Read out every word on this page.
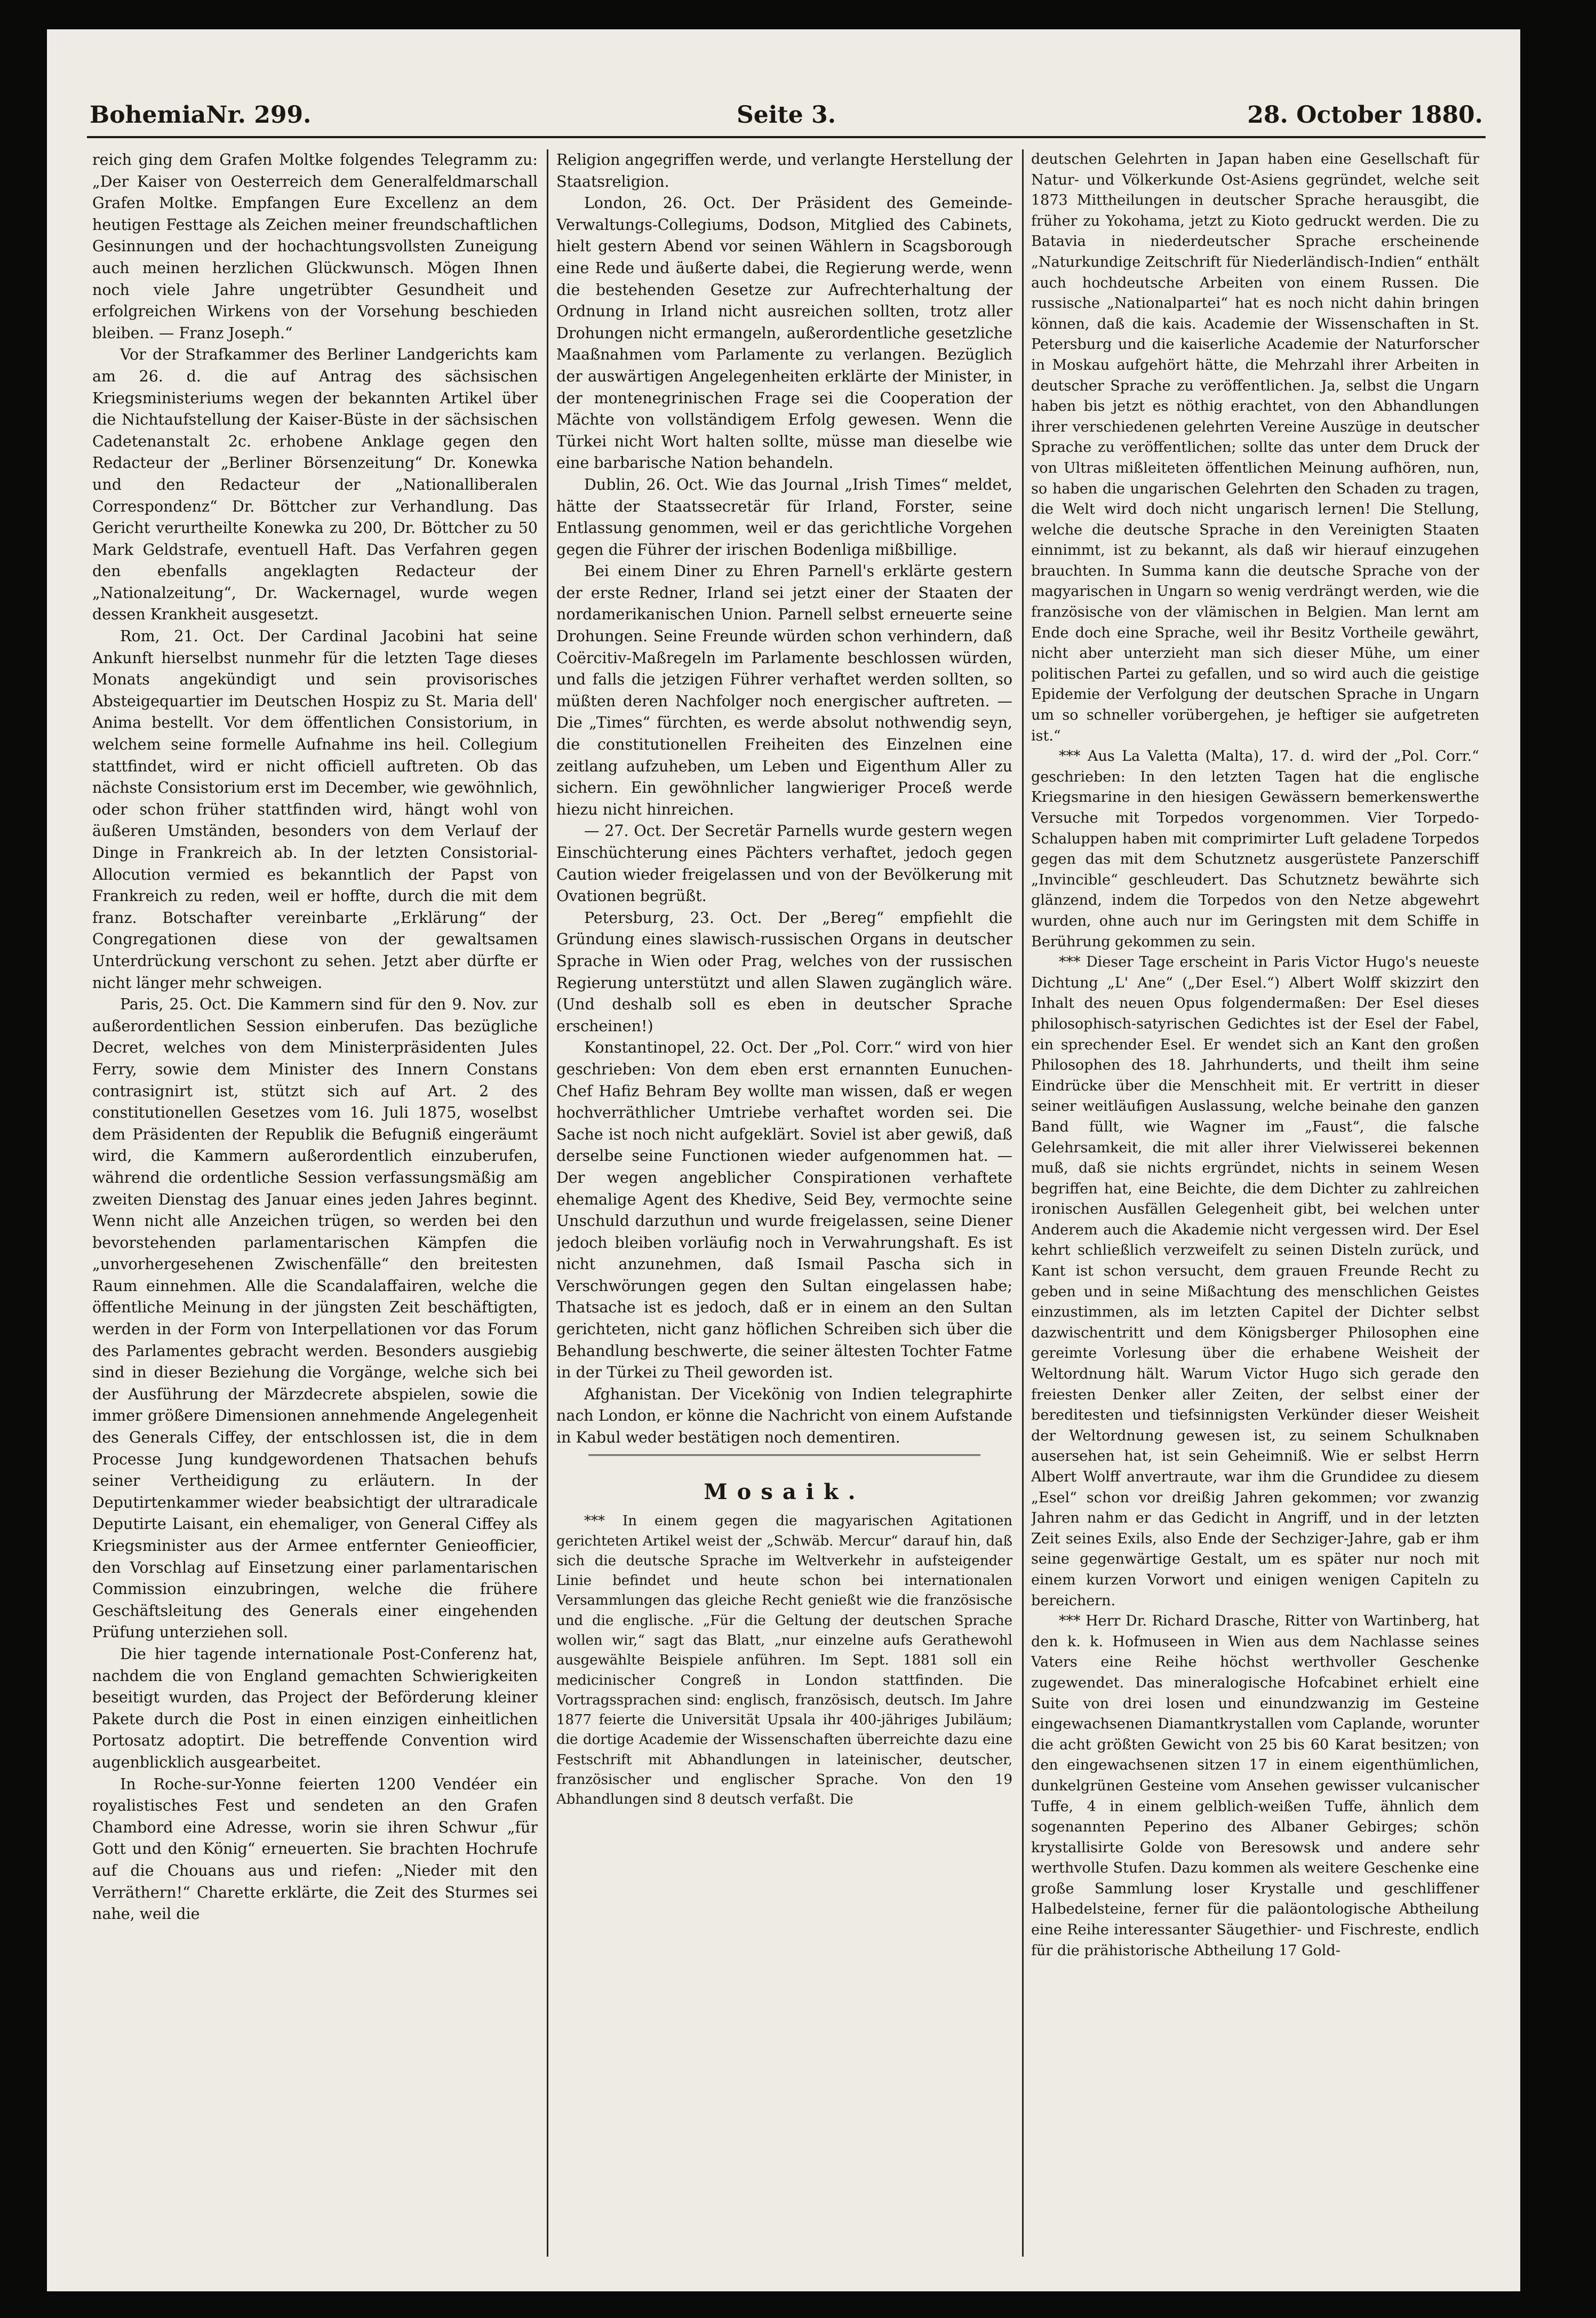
BohemiaNr. 299.	Seite 3.	28. October 1880.

reich ging dem Grafen Moltke folgendes Telegramm zu: „Der Kaiser von Oesterreich dem Generalfeldmarschall Grafen Moltke. Empfangen Eure Excellenz an dem heutigen Festtage als Zeichen meiner freundschaftlichen Gesinnungen und der hochachtungsvollsten Zuneigung auch meinen herzlichen Glückwunsch. Mögen Ihnen noch viele Jahre ungetrübter Gesundheit und erfolgreichen Wirkens von der Vorsehung beschieden bleiben. — Franz Joseph.“

Vor der Strafkammer des Berliner Landgerichts kam am 26. d. die auf Antrag des sächsischen Kriegsministeriums wegen der bekannten Artikel über die Nichtaufstellung der Kaiser-Büste in der sächsischen Cadetenanstalt 2c. erhobene Anklage gegen den Redacteur der „Berliner Börsenzeitung“ Dr. Konewka und den Redacteur der „Nationalliberalen Correspondenz“ Dr. Böttcher zur Verhandlung. Das Gericht verurtheilte Konewka zu 200, Dr. Böttcher zu 50 Mark Geldstrafe, eventuell Haft. Das Verfahren gegen den ebenfalls angeklagten Redacteur der „Nationalzeitung“, Dr. Wackernagel, wurde wegen dessen Krankheit ausgesetzt.

Rom, 21. Oct. Der Cardinal Jacobini hat seine Ankunft hierselbst nunmehr für die letzten Tage dieses Monats angekündigt und sein provisorisches Absteigequartier im Deutschen Hospiz zu St. Maria dell' Anima bestellt. Vor dem öffentlichen Consistorium, in welchem seine formelle Aufnahme ins heil. Collegium stattfindet, wird er nicht officiell auftreten. Ob das nächste Consistorium erst im December, wie gewöhnlich, oder schon früher stattfinden wird, hängt wohl von äußeren Umständen, besonders von dem Verlauf der Dinge in Frankreich ab. In der letzten Consistorial-Allocution vermied es bekanntlich der Papst von Frankreich zu reden, weil er hoffte, durch die mit dem franz. Botschafter vereinbarte „Erklärung“ der Congregationen diese von der gewaltsamen Unterdrückung verschont zu sehen. Jetzt aber dürfte er nicht länger mehr schweigen.

Paris, 25. Oct. Die Kammern sind für den 9. Nov. zur außerordentlichen Session einberufen. Das bezügliche Decret, welches von dem Ministerpräsidenten Jules Ferry, sowie dem Minister des Innern Constans contrasignirt ist, stützt sich auf Art. 2 des constitutionellen Gesetzes vom 16. Juli 1875, woselbst dem Präsidenten der Republik die Befugniß eingeräumt wird, die Kammern außerordentlich einzuberufen, während die ordentliche Session verfassungsmäßig am zweiten Dienstag des Januar eines jeden Jahres beginnt. Wenn nicht alle Anzeichen trügen, so werden bei den bevorstehenden parlamentarischen Kämpfen die „unvorhergesehenen Zwischenfälle“ den breitesten Raum einnehmen. Alle die Scandalaffairen, welche die öffentliche Meinung in der jüngsten Zeit beschäftigten, werden in der Form von Interpellationen vor das Forum des Parlamentes gebracht werden. Besonders ausgiebig sind in dieser Beziehung die Vorgänge, welche sich bei der Ausführung der Märzdecrete abspielen, sowie die immer größere Dimensionen annehmende Angelegenheit des Generals Ciffey, der entschlossen ist, die in dem Processe Jung kundgewordenen Thatsachen behufs seiner Vertheidigung zu erläutern. In der Deputirtenkammer wieder beabsichtigt der ultraradicale Deputirte Laisant, ein ehemaliger, von General Ciffey als Kriegsminister aus der Armee entfernter Genieofficier, den Vorschlag auf Einsetzung einer parlamentarischen Commission einzubringen, welche die frühere Geschäftsleitung des Generals einer eingehenden Prüfung unterziehen soll.

Die hier tagende internationale Post-Conferenz hat, nachdem die von England gemachten Schwierigkeiten beseitigt wurden, das Project der Beförderung kleiner Pakete durch die Post in einen einzigen einheitlichen Portosatz adoptirt. Die betreffende Convention wird augenblicklich ausgearbeitet.

In Roche-sur-Yonne feierten 1200 Vendéer ein royalistisches Fest und sendeten an den Grafen Chambord eine Adresse, worin sie ihren Schwur „für Gott und den König“ erneuerten. Sie brachten Hochrufe auf die Chouans aus und riefen: „Nieder mit den Verräthern!“ Charette erklärte, die Zeit des Sturmes sei nahe, weil die

Religion angegriffen werde, und verlangte Herstellung der Staatsreligion.

London, 26. Oct. Der Präsident des Gemeinde-Verwaltungs-Collegiums, Dodson, Mitglied des Cabinets, hielt gestern Abend vor seinen Wählern in Scagsborough eine Rede und äußerte dabei, die Regierung werde, wenn die bestehenden Gesetze zur Aufrechterhaltung der Ordnung in Irland nicht ausreichen sollten, trotz aller Drohungen nicht ermangeln, außerordentliche gesetzliche Maaßnahmen vom Parlamente zu verlangen. Bezüglich der auswärtigen Angelegenheiten erklärte der Minister, in der montenegrinischen Frage sei die Cooperation der Mächte von vollständigem Erfolg gewesen. Wenn die Türkei nicht Wort halten sollte, müsse man dieselbe wie eine barbarische Nation behandeln.

Dublin, 26. Oct. Wie das Journal „Irish Times“ meldet, hätte der Staatssecretär für Irland, Forster, seine Entlassung genommen, weil er das gerichtliche Vorgehen gegen die Führer der irischen Bodenliga mißbillige.

Bei einem Diner zu Ehren Parnell's erklärte gestern der erste Redner, Irland sei jetzt einer der Staaten der nordamerikanischen Union. Parnell selbst erneuerte seine Drohungen. Seine Freunde würden schon verhindern, daß Coërcitiv-Maßregeln im Parlamente beschlossen würden, und falls die jetzigen Führer verhaftet werden sollten, so müßten deren Nachfolger noch energischer auftreten. — Die „Times“ fürchten, es werde absolut nothwendig seyn, die constitutionellen Freiheiten des Einzelnen eine zeitlang aufzuheben, um Leben und Eigenthum Aller zu sichern. Ein gewöhnlicher langwieriger Proceß werde hiezu nicht hinreichen.

— 27. Oct. Der Secretär Parnells wurde gestern wegen Einschüchterung eines Pächters verhaftet, jedoch gegen Caution wieder freigelassen und von der Bevölkerung mit Ovationen begrüßt.

Petersburg, 23. Oct. Der „Bereg“ empfiehlt die Gründung eines slawisch-russischen Organs in deutscher Sprache in Wien oder Prag, welches von der russischen Regierung unterstützt und allen Slawen zugänglich wäre. (Und deshalb soll es eben in deutscher Sprache erscheinen!)

Konstantinopel, 22. Oct. Der „Pol. Corr.“ wird von hier geschrieben: Von dem eben erst ernannten Eunuchen-Chef Hafiz Behram Bey wollte man wissen, daß er wegen hochverräthlicher Umtriebe verhaftet worden sei. Die Sache ist noch nicht aufgeklärt. Soviel ist aber gewiß, daß derselbe seine Functionen wieder aufgenommen hat. — Der wegen angeblicher Conspirationen verhaftete ehemalige Agent des Khedive, Seid Bey, vermochte seine Unschuld darzuthun und wurde freigelassen, seine Diener jedoch bleiben vorläufig noch in Verwahrungshaft. Es ist nicht anzunehmen, daß Ismail Pascha sich in Verschwörungen gegen den Sultan eingelassen habe; Thatsache ist es jedoch, daß er in einem an den Sultan gerichteten, nicht ganz höflichen Schreiben sich über die Behandlung beschwerte, die seiner ältesten Tochter Fatme in der Türkei zu Theil geworden ist.

Afghanistan. Der Vicekönig von Indien telegraphirte nach London, er könne die Nachricht von einem Aufstande in Kabul weder bestätigen noch dementiren.

Mosaik.

*** In einem gegen die magyarischen Agitationen gerichteten Artikel weist der „Schwäb. Mercur“ darauf hin, daß sich die deutsche Sprache im Weltverkehr in aufsteigender Linie befindet und heute schon bei internationalen Versammlungen das gleiche Recht genießt wie die französische und die englische. „Für die Geltung der deutschen Sprache wollen wir,“ sagt das Blatt, „nur einzelne aufs Gerathewohl ausgewählte Beispiele anführen. Im Sept. 1881 soll ein medicinischer Congreß in London stattfinden. Die Vortragssprachen sind: englisch, französisch, deutsch. Im Jahre 1877 feierte die Universität Upsala ihr 400-jähriges Jubiläum; die dortige Academie der Wissenschaften überreichte dazu eine Festschrift mit Abhandlungen in lateinischer, deutscher, französischer und englischer Sprache. Von den 19 Abhandlungen sind 8 deutsch verfaßt. Die

deutschen Gelehrten in Japan haben eine Gesellschaft für Natur- und Völkerkunde Ost-Asiens gegründet, welche seit 1873 Mittheilungen in deutscher Sprache herausgibt, die früher zu Yokohama, jetzt zu Kioto gedruckt werden. Die zu Batavia in niederdeutscher Sprache erscheinende „Naturkundige Zeitschrift für Niederländisch-Indien“ enthält auch hochdeutsche Arbeiten von einem Russen. Die russische „Nationalpartei“ hat es noch nicht dahin bringen können, daß die kais. Academie der Wissenschaften in St. Petersburg und die kaiserliche Academie der Naturforscher in Moskau aufgehört hätte, die Mehrzahl ihrer Arbeiten in deutscher Sprache zu veröffentlichen. Ja, selbst die Ungarn haben bis jetzt es nöthig erachtet, von den Abhandlungen ihrer verschiedenen gelehrten Vereine Auszüge in deutscher Sprache zu veröffentlichen; sollte das unter dem Druck der von Ultras mißleiteten öffentlichen Meinung aufhören, nun, so haben die ungarischen Gelehrten den Schaden zu tragen, die Welt wird doch nicht ungarisch lernen! Die Stellung, welche die deutsche Sprache in den Vereinigten Staaten einnimmt, ist zu bekannt, als daß wir hierauf einzugehen brauchten. In Summa kann die deutsche Sprache von der magyarischen in Ungarn so wenig verdrängt werden, wie die französische von der vlämischen in Belgien. Man lernt am Ende doch eine Sprache, weil ihr Besitz Vortheile gewährt, nicht aber unterzieht man sich dieser Mühe, um einer politischen Partei zu gefallen, und so wird auch die geistige Epidemie der Verfolgung der deutschen Sprache in Ungarn um so schneller vorübergehen, je heftiger sie aufgetreten ist.“

*** Aus La Valetta (Malta), 17. d. wird der „Pol. Corr.“ geschrieben: In den letzten Tagen hat die englische Kriegsmarine in den hiesigen Gewässern bemerkenswerthe Versuche mit Torpedos vorgenommen. Vier Torpedo-Schaluppen haben mit comprimirter Luft geladene Torpedos gegen das mit dem Schutznetz ausgerüstete Panzerschiff „Invincible“ geschleudert. Das Schutznetz bewährte sich glänzend, indem die Torpedos von den Netze abgewehrt wurden, ohne auch nur im Geringsten mit dem Schiffe in Berührung gekommen zu sein.

*** Dieser Tage erscheint in Paris Victor Hugo's neueste Dichtung „L' Ane“ („Der Esel.“) Albert Wolff skizzirt den Inhalt des neuen Opus folgendermaßen: Der Esel dieses philosophisch-satyrischen Gedichtes ist der Esel der Fabel, ein sprechender Esel. Er wendet sich an Kant den großen Philosophen des 18. Jahrhunderts, und theilt ihm seine Eindrücke über die Menschheit mit. Er vertritt in dieser seiner weitläufigen Auslassung, welche beinahe den ganzen Band füllt, wie Wagner im „Faust“, die falsche Gelehrsamkeit, die mit aller ihrer Vielwisserei bekennen muß, daß sie nichts ergründet, nichts in seinem Wesen begriffen hat, eine Beichte, die dem Dichter zu zahlreichen ironischen Ausfällen Gelegenheit gibt, bei welchen unter Anderem auch die Akademie nicht vergessen wird. Der Esel kehrt schließlich verzweifelt zu seinen Disteln zurück, und Kant ist schon versucht, dem grauen Freunde Recht zu geben und in seine Mißachtung des menschlichen Geistes einzustimmen, als im letzten Capitel der Dichter selbst dazwischentritt und dem Königsberger Philosophen eine gereimte Vorlesung über die erhabene Weisheit der Weltordnung hält. Warum Victor Hugo sich gerade den freiesten Denker aller Zeiten, der selbst einer der bereditesten und tiefsinnigsten Verkünder dieser Weisheit der Weltordnung gewesen ist, zu seinem Schulknaben ausersehen hat, ist sein Geheimniß. Wie er selbst Herrn Albert Wolff anvertraute, war ihm die Grundidee zu diesem „Esel“ schon vor dreißig Jahren gekommen; vor zwanzig Jahren nahm er das Gedicht in Angriff, und in der letzten Zeit seines Exils, also Ende der Sechziger-Jahre, gab er ihm seine gegenwärtige Gestalt, um es später nur noch mit einem kurzen Vorwort und einigen wenigen Capiteln zu bereichern.

*** Herr Dr. Richard Drasche, Ritter von Wartinberg, hat den k. k. Hofmuseen in Wien aus dem Nachlasse seines Vaters eine Reihe höchst werthvoller Geschenke zugewendet. Das mineralogische Hofcabinet erhielt eine Suite von drei losen und einundzwanzig im Gesteine eingewachsenen Diamantkrystallen vom Caplande, worunter die acht größten Gewicht von 25 bis 60 Karat besitzen; von den eingewachsenen sitzen 17 in einem eigenthümlichen, dunkelgrünen Gesteine vom Ansehen gewisser vulcanischer Tuffe, 4 in einem gelblich-weißen Tuffe, ähnlich dem sogenannten Peperino des Albaner Gebirges; schön krystallisirte Golde von Beresowsk und andere sehr werthvolle Stufen. Dazu kommen als weitere Geschenke eine große Sammlung loser Krystalle und geschliffener Halbedelsteine, ferner für die paläontologische Abtheilung eine Reihe interessanter Säugethier- und Fischreste, endlich für die prähistorische Abtheilung 17 Gold-
